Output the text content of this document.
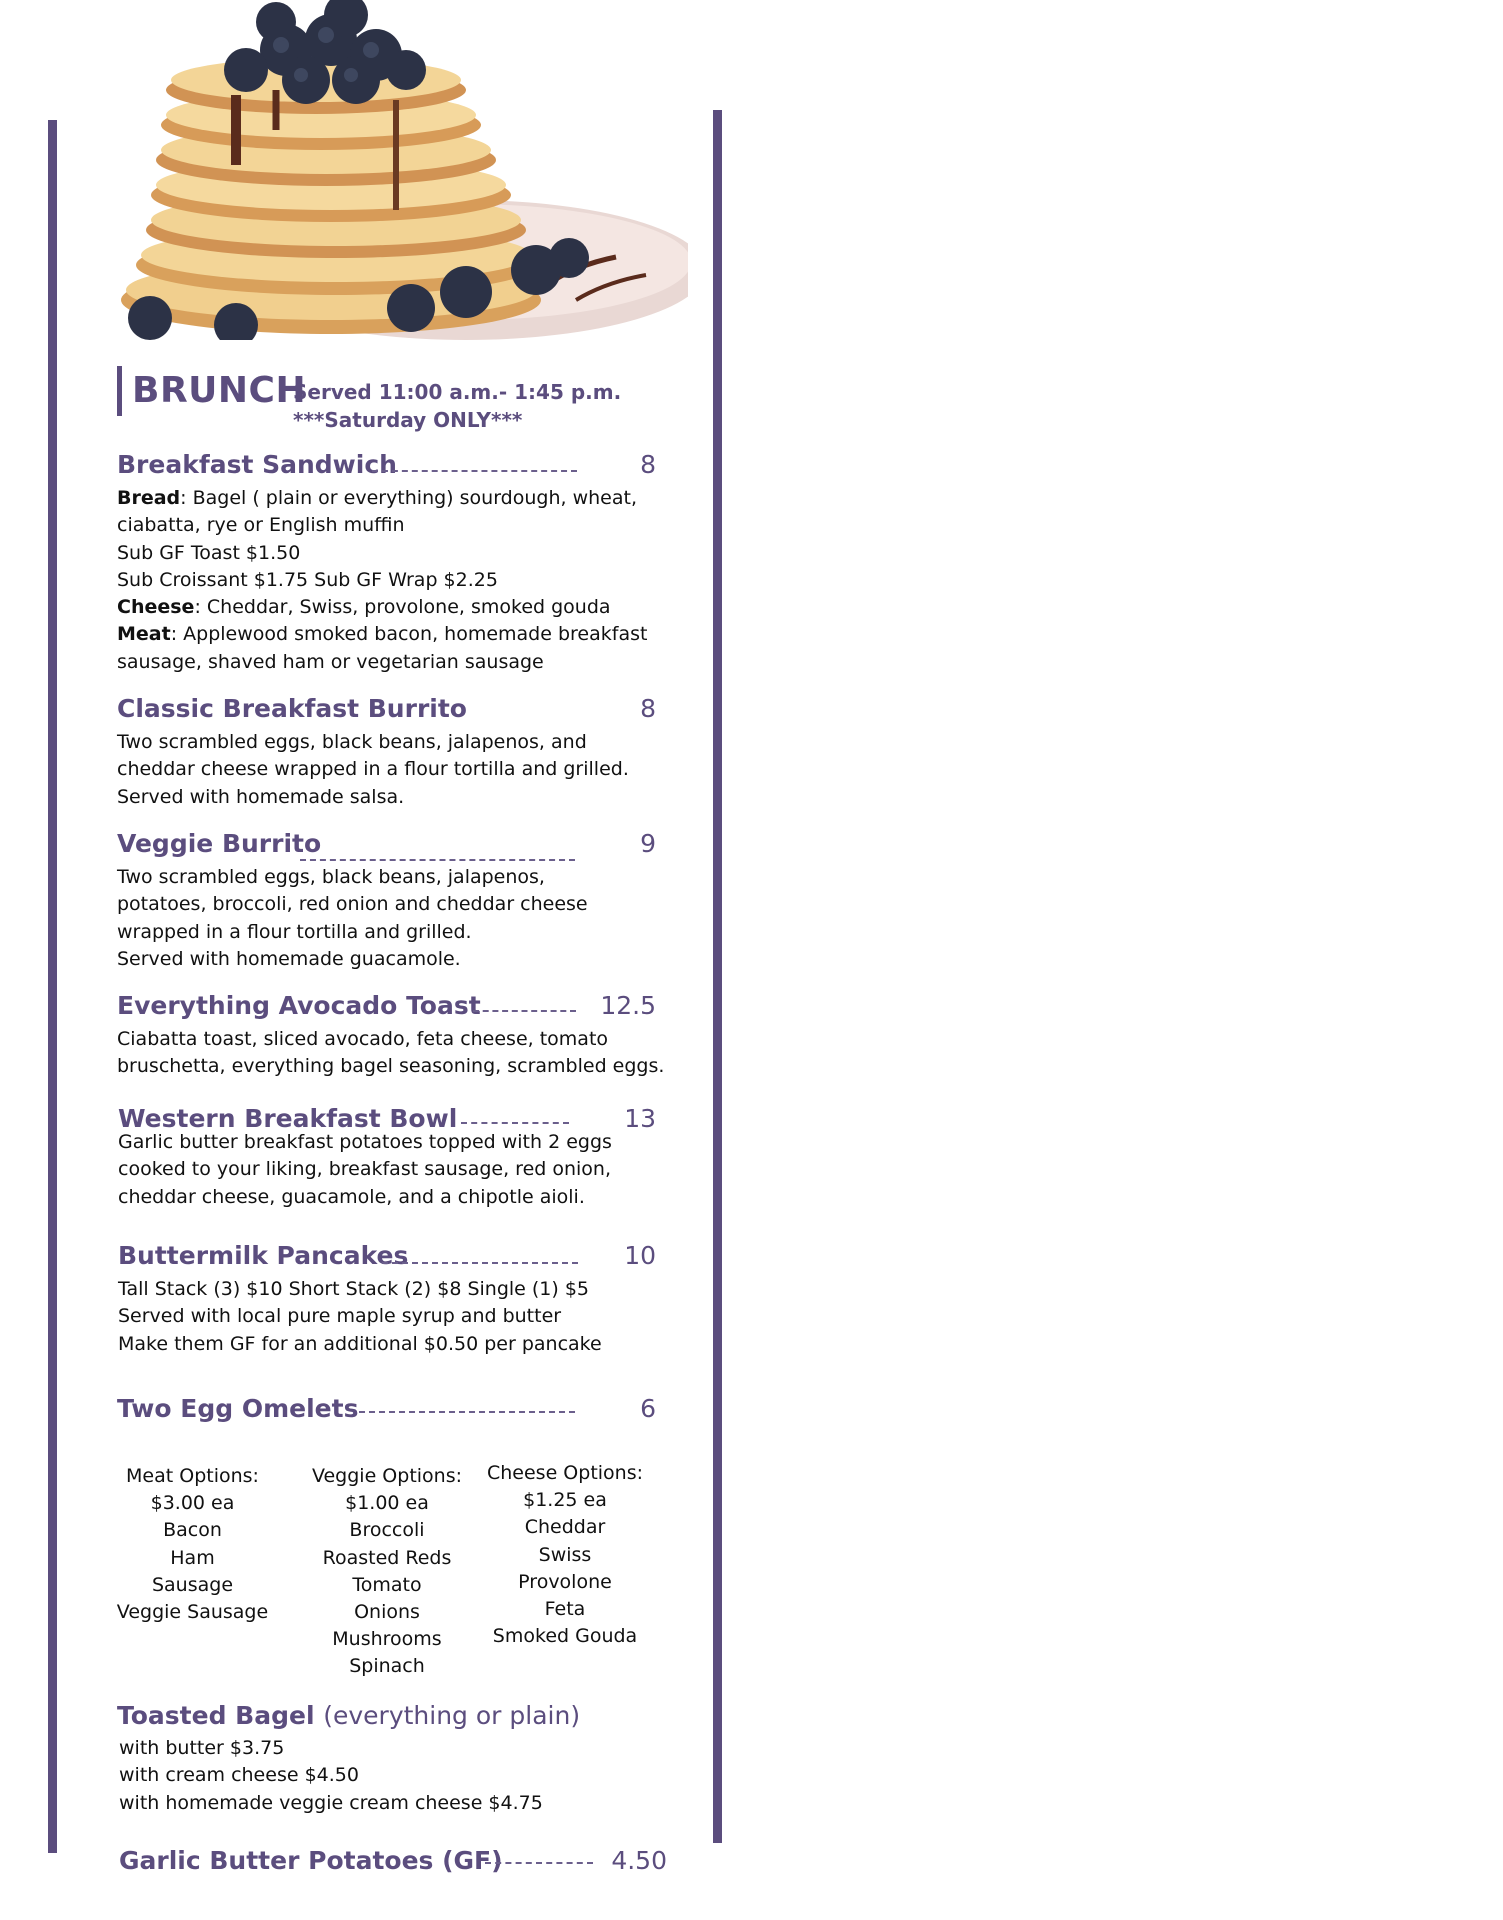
BRUNCH
Served 11:00 a.m.- 1:45 p.m.
***Saturday ONLY***
Breakfast Sandwich	8
Bread: Bagel ( plain or everything) sourdough, wheat,
ciabatta, rye or English muffin
Sub GF Toast $1.50
Sub Croissant $1.75 Sub GF Wrap $2.25
Cheese: Cheddar, Swiss, provolone, smoked gouda
Meat: Applewood smoked bacon, homemade breakfast
sausage, shaved ham or vegetarian sausage
Classic Breakfast Burrito	8
Two scrambled eggs, black beans, jalapenos, and
cheddar cheese wrapped in a flour tortilla and grilled.
Served with homemade salsa.
Veggie Burrito	9
Two scrambled eggs, black beans, jalapenos,
potatoes, broccoli, red onion and cheddar cheese
wrapped in a flour tortilla and grilled.
Served with homemade guacamole.
Everything Avocado Toast	12.5
Ciabatta toast, sliced avocado, feta cheese, tomato
bruschetta, everything bagel seasoning, scrambled eggs.
Western Breakfast Bowl	13
Garlic butter breakfast potatoes topped with 2 eggs
cooked to your liking, breakfast sausage, red onion,
cheddar cheese, guacamole, and a chipotle aioli.
Buttermilk Pancakes	10
Tall Stack (3) $10 Short Stack (2) $8 Single (1) $5
Served with local pure maple syrup and butter
Make them GF for an additional $0.50 per pancake
Two Egg Omelets	6
Meat Options:
$3.00 ea
Bacon
Ham
Sausage
Veggie Sausage
Veggie Options:
$1.00 ea
Broccoli
Roasted Reds
Tomato
Onions
Mushrooms
Spinach
Cheese Options:
$1.25 ea
Cheddar
Swiss
Provolone
Feta
Smoked Gouda
Toasted Bagel (everything or plain)
with butter $3.75
with cream cheese $4.50
with homemade veggie cream cheese $4.75
Garlic Butter Potatoes (GF)	4.50
